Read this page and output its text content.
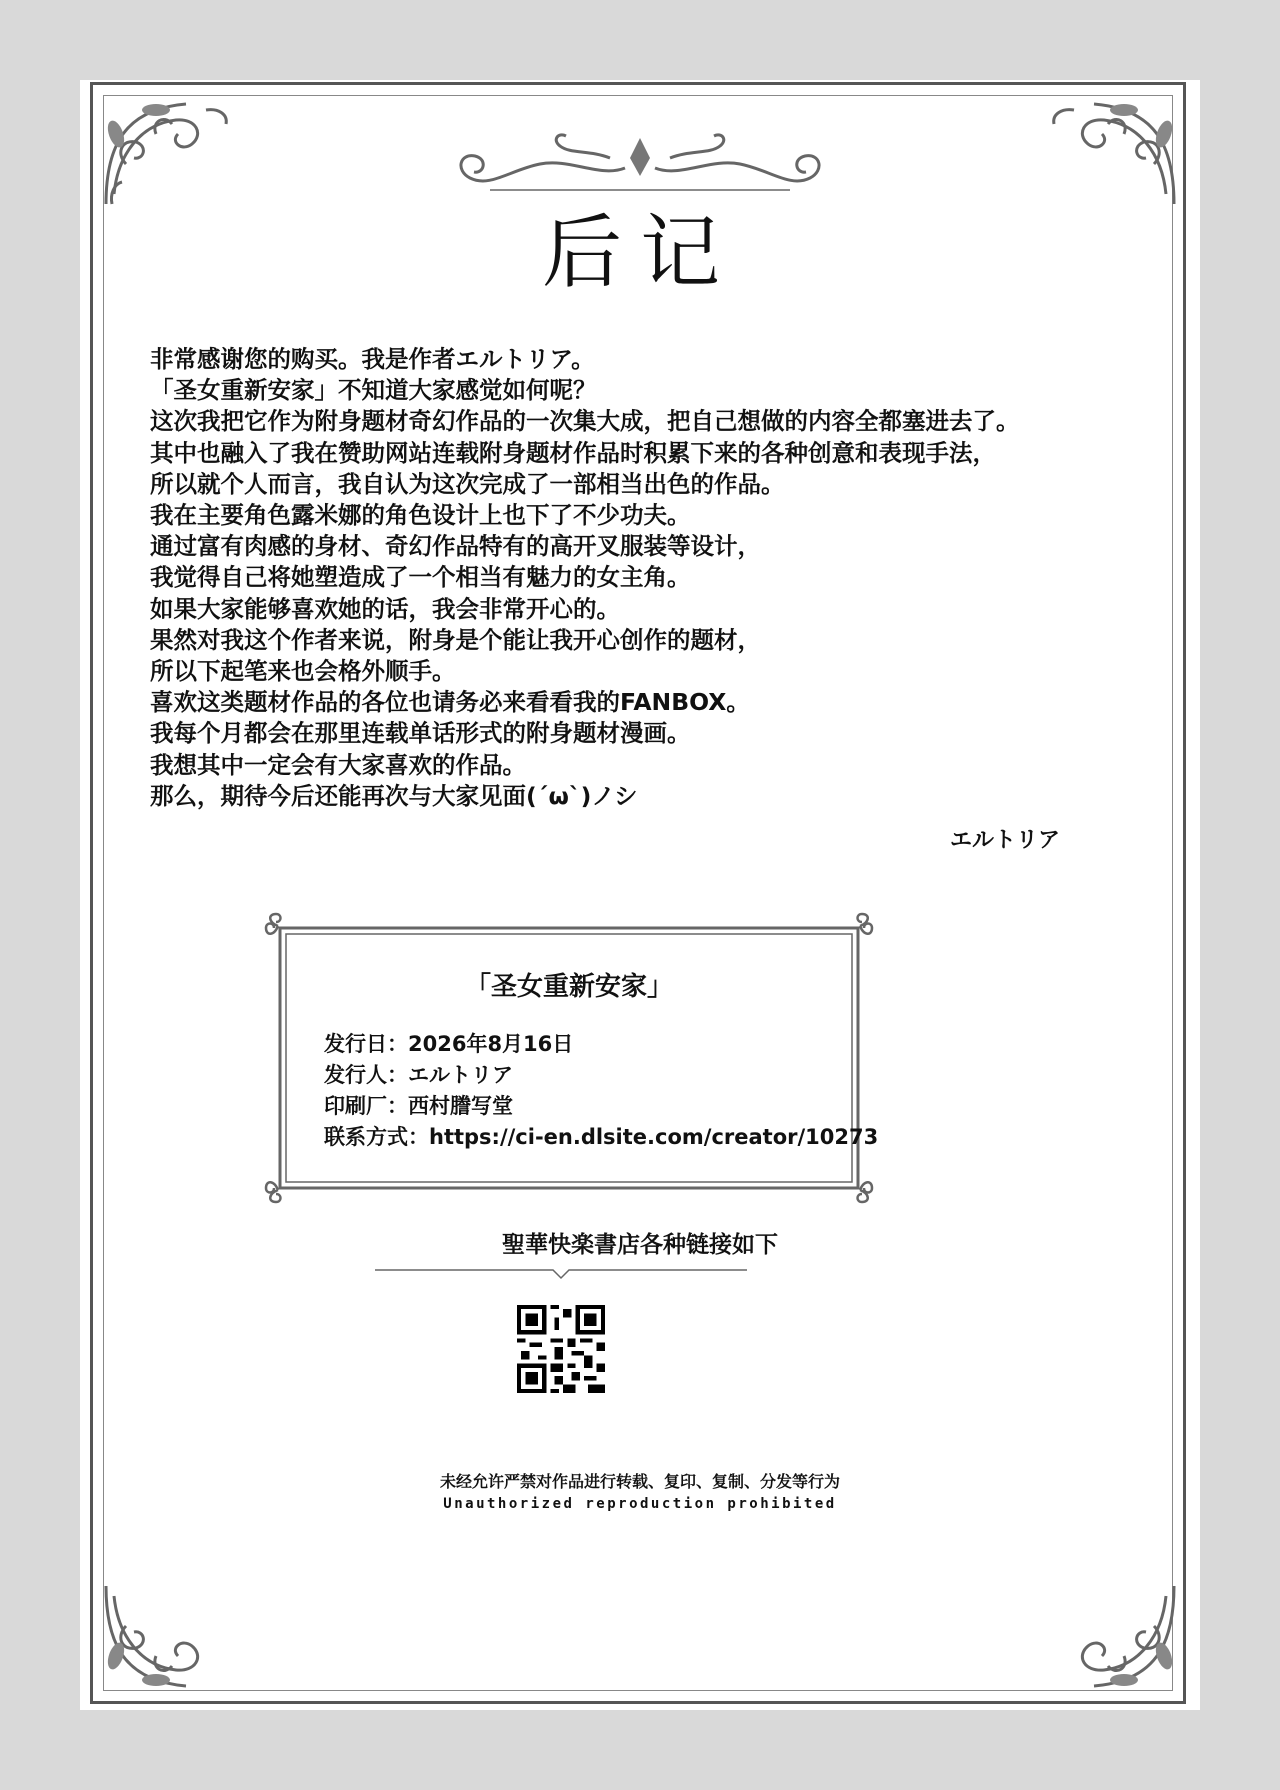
后记
非常感谢您的购买。我是作者エルトリア。
「圣女重新安家」不知道大家感觉如何呢？
这次我把它作为附身题材奇幻作品的一次集大成，把自己想做的内容全都塞进去了。
其中也融入了我在赞助网站连载附身题材作品时积累下来的各种创意和表现手法，
所以就个人而言，我自认为这次完成了一部相当出色的作品。
我在主要角色露米娜的角色设计上也下了不少功夫。
通过富有肉感的身材、奇幻作品特有的高开叉服装等设计，
我觉得自己将她塑造成了一个相当有魅力的女主角。
如果大家能够喜欢她的话，我会非常开心的。
果然对我这个作者来说，附身是个能让我开心创作的题材，
所以下起笔来也会格外顺手。
喜欢这类题材作品的各位也请务必来看看我的FANBOX。
我每个月都会在那里连载单话形式的附身题材漫画。
我想其中一定会有大家喜欢的作品。
那么，期待今后还能再次与大家见面(´ω`)ノシ
エルトリア
「圣女重新安家」
发行日：2026年8月16日
发行人：エルトリア
印刷厂：西村謄写堂
联系方式：https://ci-en.dlsite.com/creator/10273
聖華快楽書店各种链接如下
未经允许严禁对作品进行转载、复印、复制、分发等行为
Unauthorized reproduction prohibited
